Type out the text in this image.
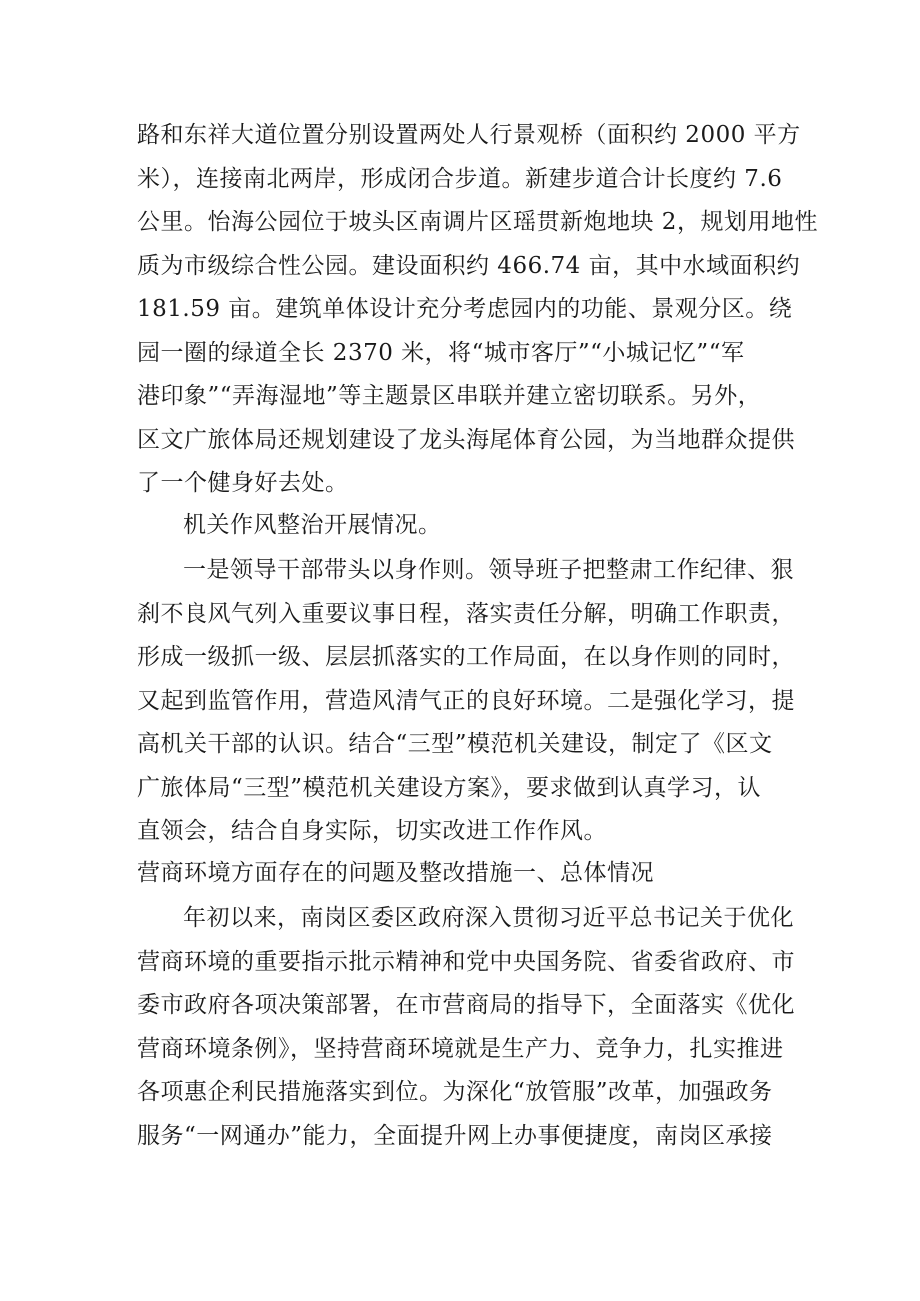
路和东祥大道位置分别设置两处人行景观桥（面积约 2000 平方
米），连接南北两岸，形成闭合步道。新建步道合计长度约 7.6
公里。怡海公园位于坡头区南调片区瑶贯新炮地块 2，规划用地性
质为市级综合性公园。建设面积约 466.74 亩，其中水域面积约
181.59 亩。建筑单体设计充分考虑园内的功能、景观分区。绕
园一圈的绿道全长 2370 米，将“城市客厅”“小城记忆”“军
港印象”“弄海湿地”等主题景区串联并建立密切联系。另外，
区文广旅体局还规划建设了龙头海尾体育公园，为当地群众提供
了一个健身好去处。
机关作风整治开展情况。
一是领导干部带头以身作则。领导班子把整肃工作纪律、狠
刹不良风气列入重要议事日程，落实责任分解，明确工作职责，
形成一级抓一级、层层抓落实的工作局面，在以身作则的同时，
又起到监管作用，营造风清气正的良好环境。二是强化学习，提
高机关干部的认识。结合“三型”模范机关建设，制定了《区文
广旅体局“三型”模范机关建设方案》，要求做到认真学习，认
直领会，结合自身实际，切实改进工作作风。
营商环境方面存在的问题及整改措施一、总体情况
年初以来，南岗区委区政府深入贯彻习近平总书记关于优化
营商环境的重要指示批示精神和党中央国务院、省委省政府、市
委市政府各项决策部署，在市营商局的指导下，全面落实《优化
营商环境条例》，坚持营商环境就是生产力、竞争力，扎实推进
各项惠企利民措施落实到位。为深化“放管服”改革，加强政务
服务“一网通办”能力，全面提升网上办事便捷度，南岗区承接
